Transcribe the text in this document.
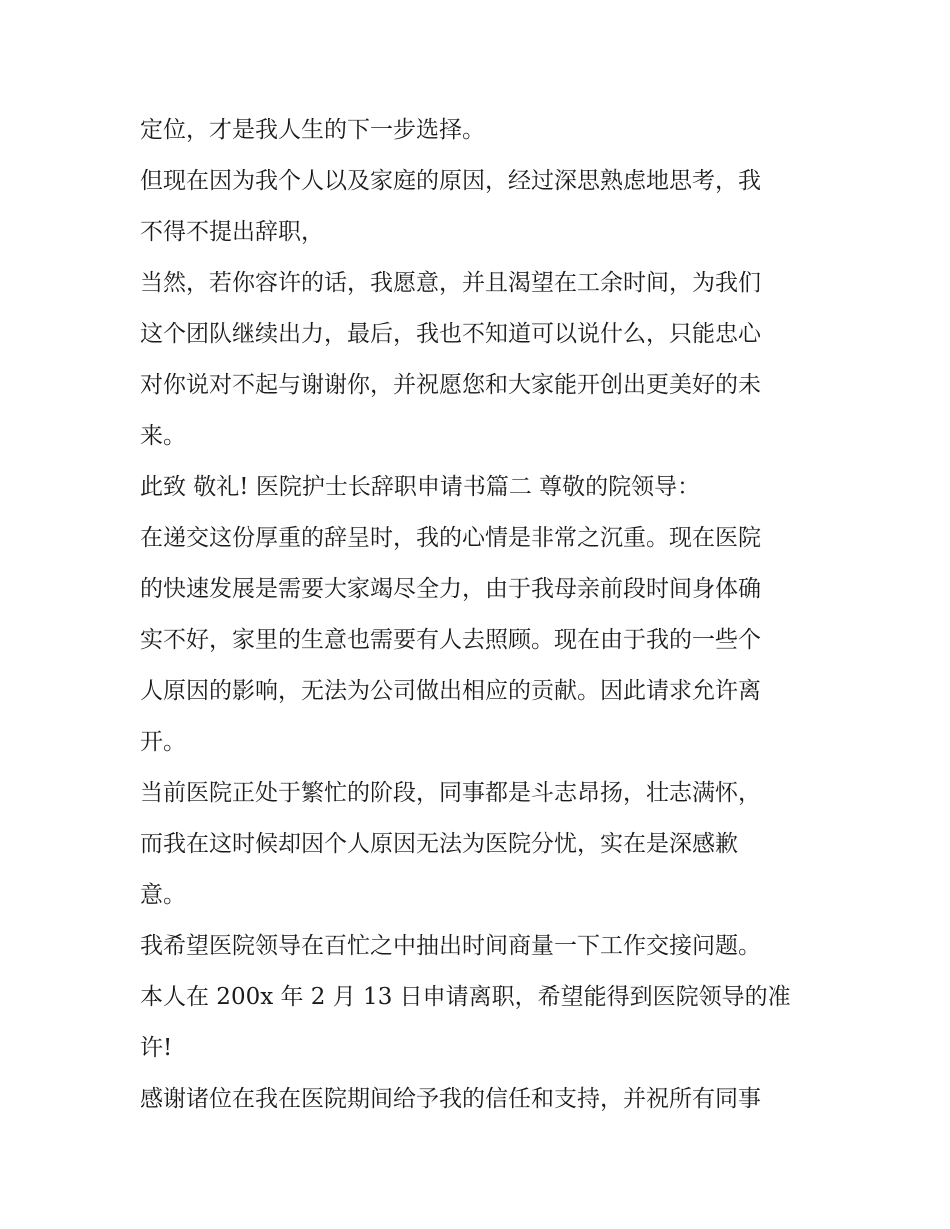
定位，才是我人生的下一步选择。

但现在因为我个人以及家庭的原因，经过深思熟虑地思考，我

不得不提出辞职，

当然，若你容许的话，我愿意，并且渴望在工余时间，为我们

这个团队继续出力，最后，我也不知道可以说什么，只能忠心

对你说对不起与谢谢你，并祝愿您和大家能开创出更美好的未

来。

此致 敬礼! 医院护士长辞职申请书篇二 尊敬的院领导：

在递交这份厚重的辞呈时，我的心情是非常之沉重。现在医院

的快速发展是需要大家竭尽全力，由于我母亲前段时间身体确

实不好，家里的生意也需要有人去照顾。现在由于我的一些个

人原因的影响，无法为公司做出相应的贡献。因此请求允许离

开。

当前医院正处于繁忙的阶段，同事都是斗志昂扬，壮志满怀，

而我在这时候却因个人原因无法为医院分忧，实在是深感歉

意。

我希望医院领导在百忙之中抽出时间商量一下工作交接问题。

本人在 200x 年 2 月 13 日申请离职，希望能得到医院领导的准

许!

感谢诸位在我在医院期间给予我的信任和支持，并祝所有同事
